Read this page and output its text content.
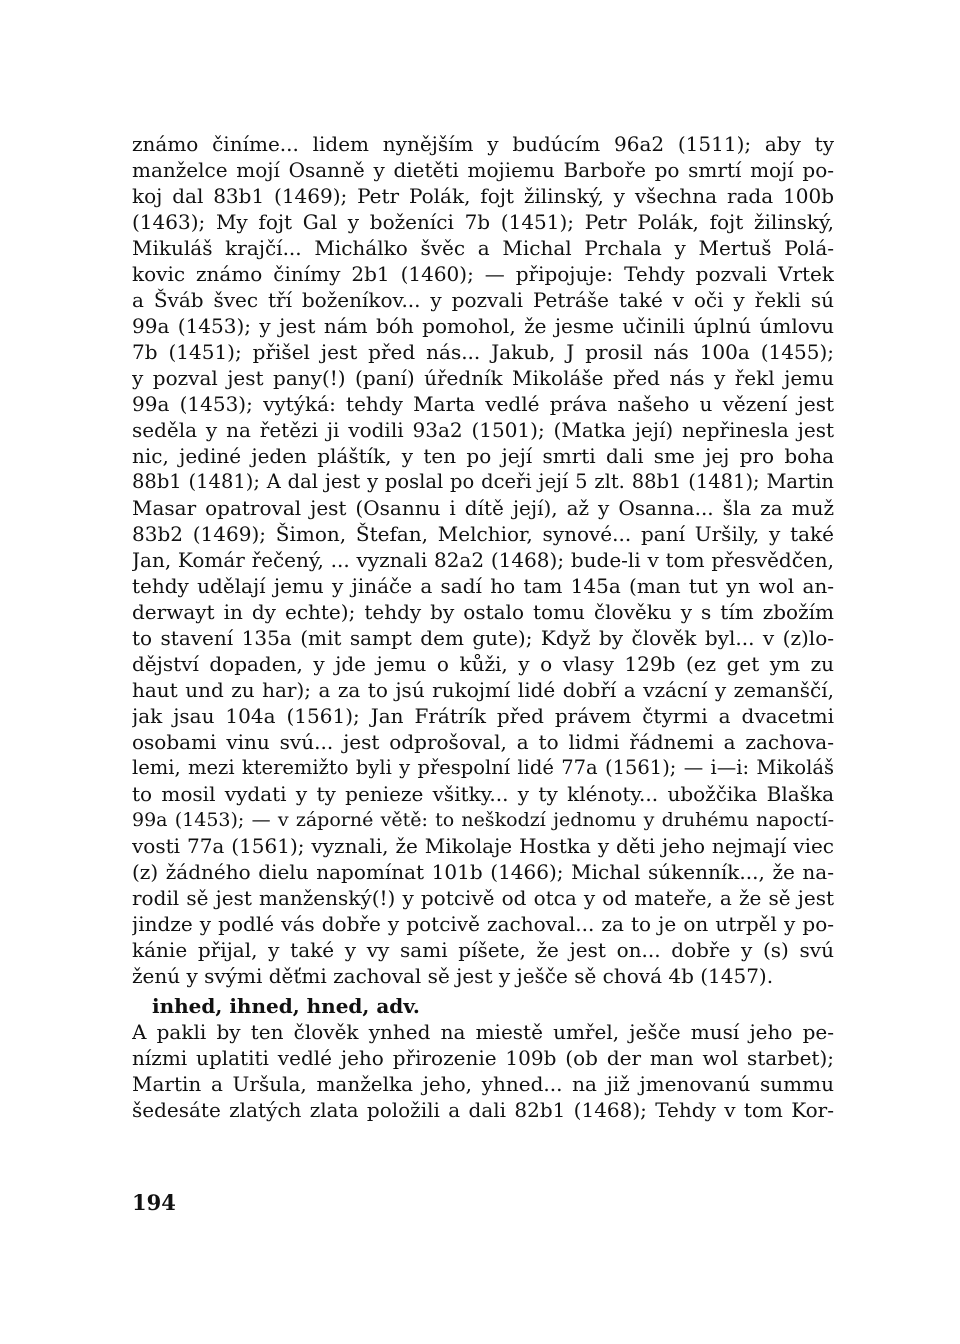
známo činíme... lidem nynějším y budúcím 96a2 (1511); aby ty
manželce mojí Osanně y dietěti mojiemu Barboře po smrtí mojí po-
koj dal 83b1 (1469); Petr Polák, fojt žilinský, y všechna rada 100b
(1463); My fojt Gal y boženíci 7b (1451); Petr Polák, fojt žilinský,
Mikuláš krajčí... Michálko švěc a Michal Prchala y Mertuš Polá-
kovic známo činímy 2b1 (1460); — připojuje: Tehdy pozvali Vrtek
a Šváb švec tří boženíkov... y pozvali Petráše také v oči y řekli sú
99a (1453); y jest nám bóh pomohol, že jesme učinili úplnú úmlovu
7b (1451); přišel jest před nás... Jakub, J prosil nás 100a (1455);
y pozval jest pany(!) (paní) úředník Mikoláše před nás y řekl jemu
99a (1453); vytýká: tehdy Marta vedlé práva našeho u vězení jest
seděla y na řetězi ji vodili 93a2 (1501); (Matka její) nepřinesla jest
nic, jediné jeden pláštík, y ten po její smrti dali sme jej pro boha
88b1 (1481); A dal jest y poslal po dceři její 5 zlt. 88b1 (1481); Martin
Masar opatroval jest (Osannu i dítě její), až y Osanna... šla za muž
83b2 (1469); Šimon, Štefan, Melchior, synové... paní Uršily, y také
Jan, Komár řečený, ... vyznali 82a2 (1468); bude-li v tom přesvědčen,
tehdy udělají jemu y jináče a sadí ho tam 145a (man tut yn wol an-
derwayt in dy echte); tehdy by ostalo tomu člověku y s tím zbožím
to stavení 135a (mit sampt dem gute); Když by člověk byl... v (z)lo-
dějství dopaden, y jde jemu o kůži, y o vlasy 129b (ez get ym zu
haut und zu har); a za to jsú rukojmí lidé dobří a vzácní y zemanščí,
jak jsau 104a (1561); Jan Frátrík před právem čtyrmi a dvacetmi
osobami vinu svú... jest odprošoval, a to lidmi řádnemi a zachova-
lemi, mezi kteremižto byli y přespolní lidé 77a (1561); — i—i: Mikoláš
to mosil vydati y ty penieze všitky... y ty klénoty... ubožčika Blaška
99a (1453); — v záporné větě: to neškodzí jednomu y druhému napoctí-
vosti 77a (1561); vyznali, že Mikolaje Hostka y děti jeho nejmají viec
(z) žádného dielu napomínat 101b (1466); Michal súkenník..., že na-
rodil sě jest manženský(!) y potcivě od otca y od mateře, a že sě jest
jindze y podlé vás dobře y potcivě zachoval... za to je on utrpěl y po-
kánie přijal, y také y vy sami píšete, že jest on... dobře y (s) svú
ženú y svými děťmi zachoval sě jest y ješče sě chová 4b (1457).
inhed, ihned, hned, adv.
A pakli by ten člověk ynhed na miestě umřel, ješče musí jeho pe-
nízmi uplatiti vedlé jeho přirozenie 109b (ob der man wol starbet);
Martin a Uršula, manželka jeho, yhned... na již jmenovanú summu
šedesáte zlatých zlata položili a dali 82b1 (1468); Tehdy v tom Kor-
194
